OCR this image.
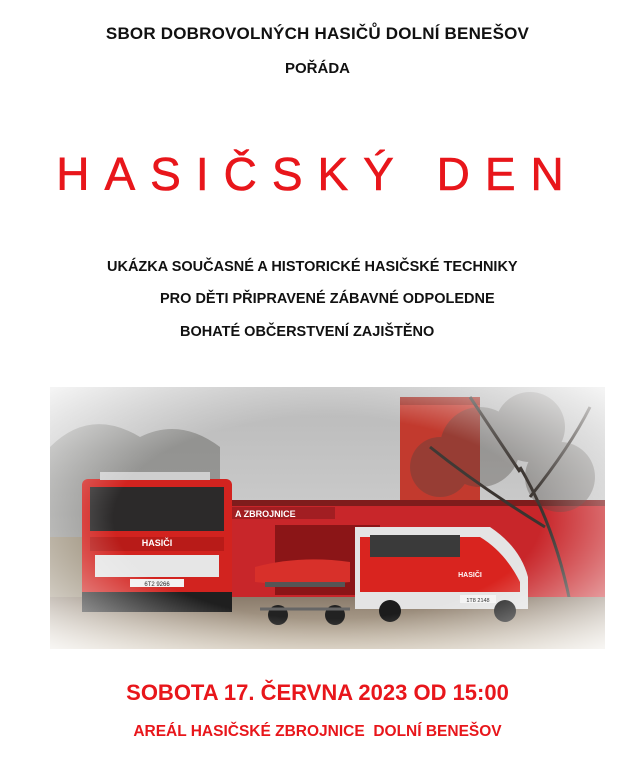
SBOR DOBROVOLNÝCH HASIČŮ DOLNÍ BENEŠOV
POŘÁDA
HASIČSKÝ DEN
UKÁZKA SOUČASNÉ A HISTORICKÉ HASIČSKÉ TECHNIKY
PRO DĚTI PŘIPRAVENÉ ZÁBAVNÉ ODPOLEDNE
BOHATÉ OBČERSTVENÍ ZAJIŠTĚNO
SOBOTA 17. ČERVNA 2023 OD 15:00
AREÁL HASIČSKÉ ZBROJNICE  DOLNÍ BENEŠOV
